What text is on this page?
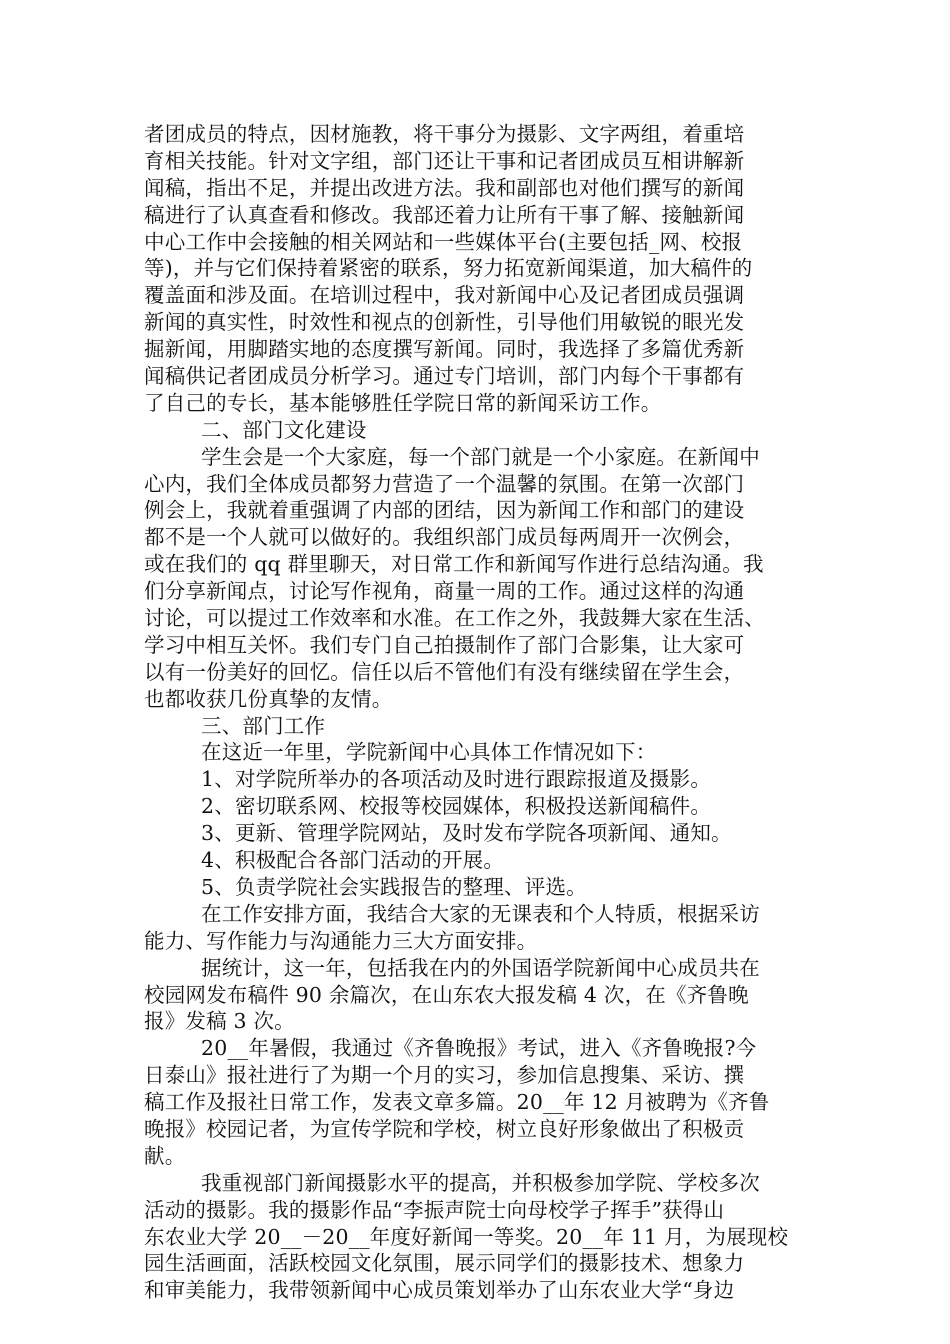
者团成员的特点，因材施教，将干事分为摄影、文字两组，着重培
育相关技能。针对文字组，部门还让干事和记者团成员互相讲解新
闻稿，指出不足，并提出改进方法。我和副部也对他们撰写的新闻
稿进行了认真查看和修改。我部还着力让所有干事了解、接触新闻
中心工作中会接触的相关网站和一些媒体平台(主要包括_网、校报
等)，并与它们保持着紧密的联系，努力拓宽新闻渠道，加大稿件的
覆盖面和涉及面。在培训过程中，我对新闻中心及记者团成员强调
新闻的真实性，时效性和视点的创新性，引导他们用敏锐的眼光发
掘新闻，用脚踏实地的态度撰写新闻。同时，我选择了多篇优秀新
闻稿供记者团成员分析学习。通过专门培训，部门内每个干事都有
了自己的专长，基本能够胜任学院日常的新闻采访工作。
二、部门文化建设
学生会是一个大家庭，每一个部门就是一个小家庭。在新闻中
心内，我们全体成员都努力营造了一个温馨的氛围。在第一次部门
例会上，我就着重强调了内部的团结，因为新闻工作和部门的建设
都不是一个人就可以做好的。我组织部门成员每两周开一次例会，
或在我们的 qq 群里聊天，对日常工作和新闻写作进行总结沟通。我
们分享新闻点，讨论写作视角，商量一周的工作。通过这样的沟通
讨论，可以提过工作效率和水准。在工作之外，我鼓舞大家在生活、
学习中相互关怀。我们专门自己拍摄制作了部门合影集，让大家可
以有一份美好的回忆。信任以后不管他们有没有继续留在学生会，
也都收获几份真挚的友情。
三、部门工作
在这近一年里，学院新闻中心具体工作情况如下：
1、对学院所举办的各项活动及时进行跟踪报道及摄影。
2、密切联系网、校报等校园媒体，积极投送新闻稿件。
3、更新、管理学院网站，及时发布学院各项新闻、通知。
4、积极配合各部门活动的开展。
5、负责学院社会实践报告的整理、评选。
在工作安排方面，我结合大家的无课表和个人特质，根据采访
能力、写作能力与沟通能力三大方面安排。
据统计，这一年，包括我在内的外国语学院新闻中心成员共在
校园网发布稿件 90 余篇次，在山东农大报发稿 4 次，在《齐鲁晚
报》发稿 3 次。
20__年暑假，我通过《齐鲁晚报》考试，进入《齐鲁晚报?今
日泰山》报社进行了为期一个月的实习，参加信息搜集、采访、撰
稿工作及报社日常工作，发表文章多篇。20__年 12 月被聘为《齐鲁
晚报》校园记者，为宣传学院和学校，树立良好形象做出了积极贡
献。
我重视部门新闻摄影水平的提高，并积极参加学院、学校多次
活动的摄影。我的摄影作品“李振声院士向母校学子挥手”获得山
东农业大学 20__－20__年度好新闻一等奖。20__年 11 月，为展现校
园生活画面，活跃校园文化氛围，展示同学们的摄影技术、想象力
和审美能力，我带领新闻中心成员策划举办了山东农业大学“身边
